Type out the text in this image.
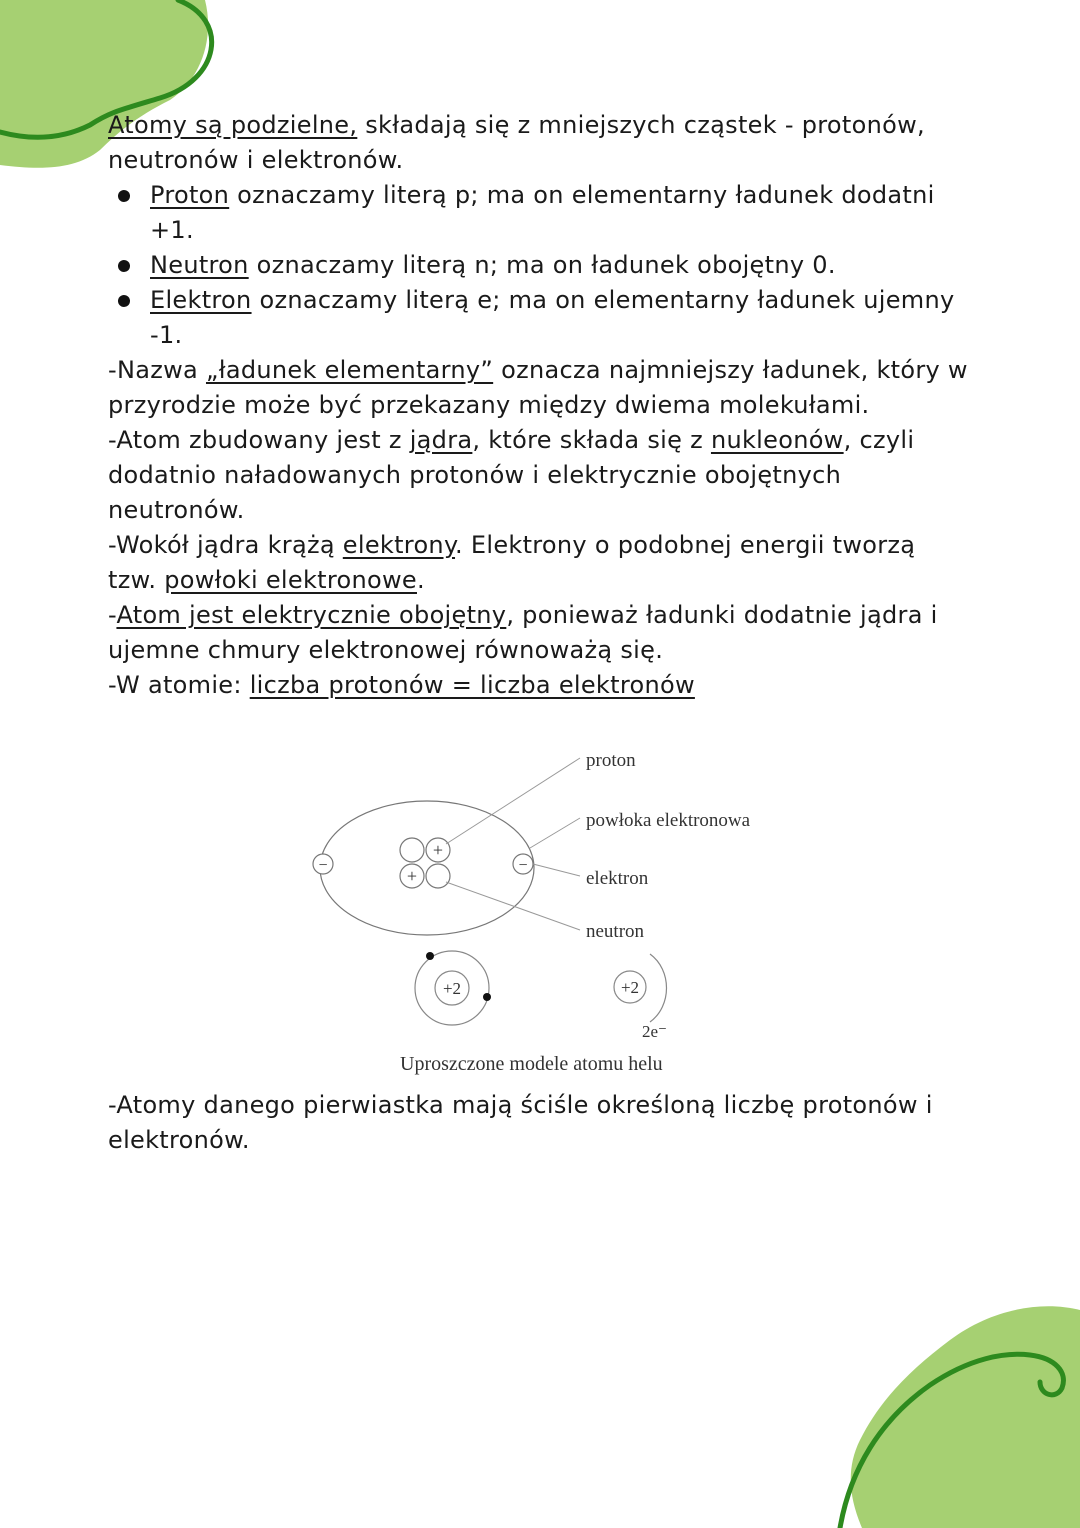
Atomy są podzielne, składają się z mniejszych cząstek - protonów,
neutronów i elektronów.
Proton oznaczamy literą p; ma on elementarny ładunek dodatni
+1.
Neutron oznaczamy literą n; ma on ładunek obojętny 0.
Elektron oznaczamy literą e; ma on elementarny ładunek ujemny
-1.
-Nazwa „ładunek elementarny” oznacza najmniejszy ładunek, który w
przyrodzie może być przekazany między dwiema molekułami.
-Atom zbudowany jest z jądra, które składa się z nukleonów, czyli
dodatnio naładowanych protonów i elektrycznie obojętnych
neutronów.
-Wokół jądra krążą elektrony. Elektrony o podobnej energii tworzą
tzw. powłoki elektronowe.
-Atom jest elektrycznie obojętny, ponieważ ładunki dodatnie jądra i
ujemne chmury elektronowej równoważą się.
-W atomie: liczba protonów = liczba elektronów
+
+
−	−
proton
powłoka elektronowa
elektron
neutron
+2	+2
2e⁻
Uproszczone modele atomu helu
-Atomy danego pierwiastka mają ściśle określoną liczbę protonów i
elektronów.
